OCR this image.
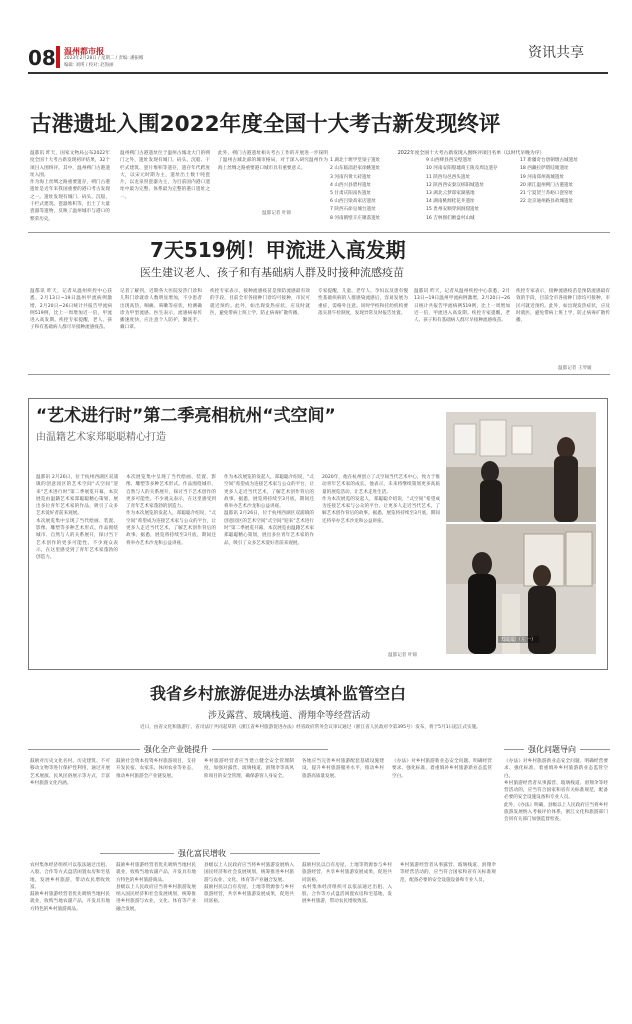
08 温州都市报
2023年2月28日 / 星期二 / 责编: 潘振娜
编辑: 刘瑛 / 校对: 赵海丽
资讯共享
古港遗址入围2022年度全国十大考古新发现终评
温都讯 昨天，国家文物局公布2022年度全国十大考古新发现初评结果，32个项目入围终评。其中，温州朔门古港遗址入围。
作为海上丝绸之路重要遗存，朔门古港遗址是近年来我国重要的港口考古发现之一。遗址发现有城门、码头、沉船、干栏式建筑、瓷器堆积等，出土了大量瓷器等遗物，反映了温州城市与港口的繁荣历史。
温州朔门古港遗址位于温州古城北大门的朔门之外，遗址发现有城门、码头、沉船、干栏式建筑、瓷片堆积等遗存，遗存年代跨度大，以宋元时期为主，遗址出土数十吨瓷片，以龙泉窑瓷器为主，为目前国内港口遗址中最为完整、体系最为完整的港口遗址之一。
此外，朔门古港遗址相关考古工作的开展进一步探明了温州古城北部的城市格局，对于深入研究温州作为海上丝绸之路重要港口城市具有重要意义。
温都记者 叶锦
2022年度全国十大考古新发现入围终评项目名单（以时代早晚为序）
1 湖北十堰学堂梁子遗址
2 山东临淄赵家徐姚遗址
3 河南内黄大砖遗址
4 山西兴县碧村遗址
5 甘肃庆阳南佐遗址
6 山西吕梁高家店遗址
7 陕西石峁皇城台遗址
8 河南鹤壁辛庄聚落遗址
9 山西绛县西吴壁遗址
10 河南安阳殷墟商王陵及周边遗存
11 陕西旬邑西头遗址
12 陕西西安秦汉栎阳城遗址
13 湖北云梦郑家湖墓地
14 湖南桃源桂花井遗址
15 贵州安顺穿洞洞窟遗址
16 吉林图们磨盘村山城
17 新疆奇台唐朝墩古城遗址
18 西藏拉萨塔哇塘遗址
19 河南郑州商城遗址
20 浙江温州朔门古港遗址
21 宁夏贺兰苏峪口瓷窑址
22 北京通州路县故城遗址
7天519例！甲流进入高发期
医生建议老人、孩子和有基础病人群及时接种流感疫苗
温都讯 昨天，记者从温州疾控中心获悉，2月13日~19日温州甲流病例激增，2月20日~26日统计共报告甲流病例519例，比上一周增加近一倍，甲流进入高发期。疾控专家提醒，老人、孩子和有基础病人群尽早接种流感疫苗。
记者了解到，近期各大医院发热门诊和儿科门诊就诊人数明显增加，不少患者出现高热、咽痛、咳嗽等症状，检测确诊为甲型流感。医生表示，流感病毒传播速度快，应注意个人防护，勤洗手、戴口罩。
疾控专家表示，接种流感疫苗是预防流感最有效的手段，目前全市各接种门诊均可接种，市民可就近预约。此外，如出现发热症状，应及时就医，避免带病上班上学，防止病毒扩散传播。
专家提醒，儿童、老年人、孕妇以及患有慢性基础疾病的人群感染流感后，容易发展为重症，需格外注意。同时学校和托幼机构要落实晨午检制度，发现异常及时报告处置。
温都讯 昨天，记者从温州疾控中心获悉，2月13日~19日温州甲流病例激增，2月20日~26日统计共报告甲流病例519例，比上一周增加近一倍，甲流进入高发期。疾控专家提醒，老人、孩子和有基础病人群尽早接种流感疫苗。
疾控专家表示，接种流感疫苗是预防流感最有效的手段，目前全市各接种门诊均可接种，市民可就近预约。此外，如出现发热症状，应及时就医，避免带病上班上学，防止病毒扩散传播。
温都记者 王琴媛
“艺术进行时”第二季亮相杭州“弍空间”
由温籍艺术家郑聪聪精心打造
郑聪聪（左一）
温都讯 2月26日，位于杭州西湖区双浦镇的创意园区的艺术空间“弍空间”迎来“艺术进行时”第二季展览开幕，本次展览由温籍艺术家郑聪聪精心策划，展出多位青年艺术家的作品，吸引了众多艺术爱好者前来观展。
本次展览集中呈现了当代绘画、装置、影像、雕塑等多种艺术形式。作品围绕城市、自然与人的关系展开，探讨当下艺术创作的更多可能性。不少观众表示，在这里感受到了青年艺术家蓬勃的创造力。
本次展览集中呈现了当代绘画、装置、影像、雕塑等多种艺术形式。作品围绕城市、自然与人的关系展开，探讨当下艺术创作的更多可能性。不少观众表示，在这里感受到了青年艺术家蓬勃的创造力。
作为本次展览的发起人，郑聪聪介绍说，“弍空间”希望成为连接艺术家与公众的平台，让更多人走近当代艺术，了解艺术创作背后的故事。据悉，展览将持续至3月底，期间还将举办艺术沙龙和公益讲座。
作为本次展览的发起人，郑聪聪介绍说，“弍空间”希望成为连接艺术家与公众的平台，让更多人走近当代艺术，了解艺术创作背后的故事。据悉，展览将持续至3月底，期间还将举办艺术沙龙和公益讲座。
温都讯 2月26日，位于杭州西湖区双浦镇的创意园区的艺术空间“弍空间”迎来“艺术进行时”第二季展览开幕，本次展览由温籍艺术家郑聪聪精心策划，展出多位青年艺术家的作品，吸引了众多艺术爱好者前来观展。
2020年，他在杭州创立了弍空间当代艺术中心，致力于推动青年艺术家的成长。他表示，未来将继续策划更多高质量的展览活动，让艺术走进生活。
作为本次展览的发起人，郑聪聪介绍说，“弍空间”希望成为连接艺术家与公众的平台，让更多人走近当代艺术，了解艺术创作背后的故事。据悉，展览将持续至3月底，期间还将举办艺术沙龙和公益讲座。
温都记者 叶锦
我省乡村旅游促进办法填补监管空白
涉及露营、玻璃栈道、滑翔伞等经营活动
近日，由省文化和旅游厅、省司法厅共同起草的《浙江省乡村旅游促进办法》经省政府常务会议审议通过（浙江省人民政府令第395号）发布，将于5月1日起正式实施。
强化全产业链提升	强化问题导向
鼓励对历史文化名村、历史建筑、不可移动文物等进行保护性利用，通过开展艺术展演、民风民俗展示等方式，丰富乡村旅游文化内涵。
鼓励社会资本投资乡村旅游项目，支持开发民宿、农家乐、休闲农业等业态，推动乡村旅游全产业链发展。
乡村旅游经营者应当建立健全安全管理制度，加强对露营、玻璃栈道、滑翔伞等高风险项目的安全管理，确保游客人身安全。
各地应当完善乡村旅游配套基础设施建设，提升乡村旅游服务水平，推动乡村旅游高质量发展。
《办法》对乡村旅游新业态安全问题、明确经营要求、强化标准，着重填补乡村旅游新业态监管空白。
强化富民增收
农村集体经济组织可以依法通过出租、入股、合作等方式盘活闲置农房和宅基地，发展乡村旅游，带动农民增收致富。
鼓励乡村旅游经营者优先吸纳当地村民就业，收购当地农副产品，开发具有地方特色的乡村旅游商品。
鼓励乡村旅游经营者优先吸纳当地村民就业，收购当地农副产品，开发具有地方特色的乡村旅游商品。
县级以上人民政府应当将乡村旅游发展纳入国民经济和社会发展规划，统筹推进乡村旅游与农业、文化、体育等产业融合发展。
县级以上人民政府应当将乡村旅游发展纳入国民经济和社会发展规划，统筹推进乡村旅游与农业、文化、体育等产业融合发展。
鼓励村民以自有房屋、土地等资源参与乡村旅游经营，共享乡村旅游发展成果，促进共同富裕。
鼓励村民以自有房屋、土地等资源参与乡村旅游经营，共享乡村旅游发展成果，促进共同富裕。
农村集体经济组织可以依法通过出租、入股、合作等方式盘活闲置农房和宅基地，发展乡村旅游，带动农民增收致富。
乡村旅游经营者从事露营、玻璃栈道、滑翔伞等经营活动的，应当符合国家和省有关标准规范，配备必要的安全设施设备和专业人员。
《办法》对乡村旅游新业态安全问题、明确经营要求、强化标准，着重填补乡村旅游新业态监管空白。
乡村旅游经营者从事露营、玻璃栈道、滑翔伞等经营活动的，应当符合国家和省有关标准规范，配备必要的安全设施设备和专业人员。
此外，《办法》明确，县级以上人民政府应当将乡村旅游发展纳入考核评价体系，浙江文化和旅游部门会同有关部门加强监督检查。
